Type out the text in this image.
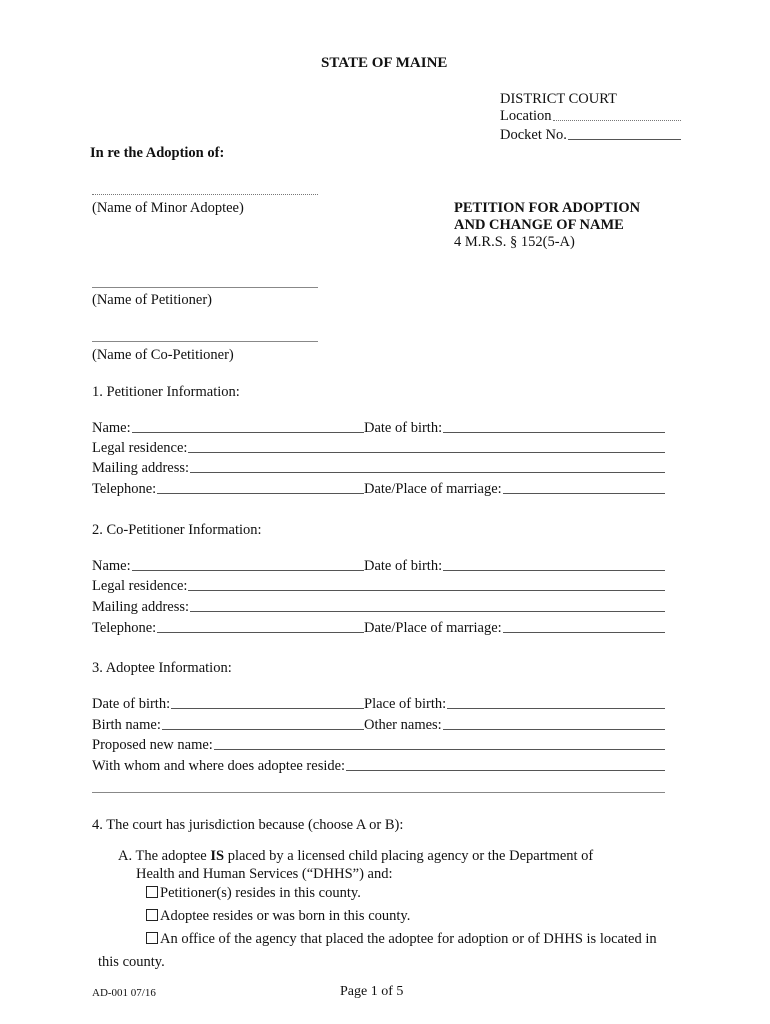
STATE OF MAINE
DISTRICT COURT
Location
Docket No.
In re the Adoption of:
(Name of Minor Adoptee)	PETITION FOR ADOPTION
AND CHANGE OF NAME
4 M.R.S. § 152(5-A)
(Name of Petitioner)
(Name of Co-Petitioner)
1. Petitioner Information:
Name:	Date of birth:
Legal residence:
Mailing address:
Telephone:	Date/Place of marriage:
2. Co-Petitioner Information:
Name:	Date of birth:
Legal residence:
Mailing address:
Telephone:	Date/Place of marriage:
3. Adoptee Information:
Date of birth:	Place of birth:
Birth name:	Other names:
Proposed new name:
With whom and where does adoptee reside:
4. The court has jurisdiction because (choose A or B):
A. The adoptee IS placed by a licensed child placing agency or the Department of
Health and Human Services (“DHHS”) and:
Petitioner(s) resides in this county.
Adoptee resides or was born in this county.
An office of the agency that placed the adoptee for adoption or of DHHS is located in
this county.
AD-001 07/16	Page 1 of 5
